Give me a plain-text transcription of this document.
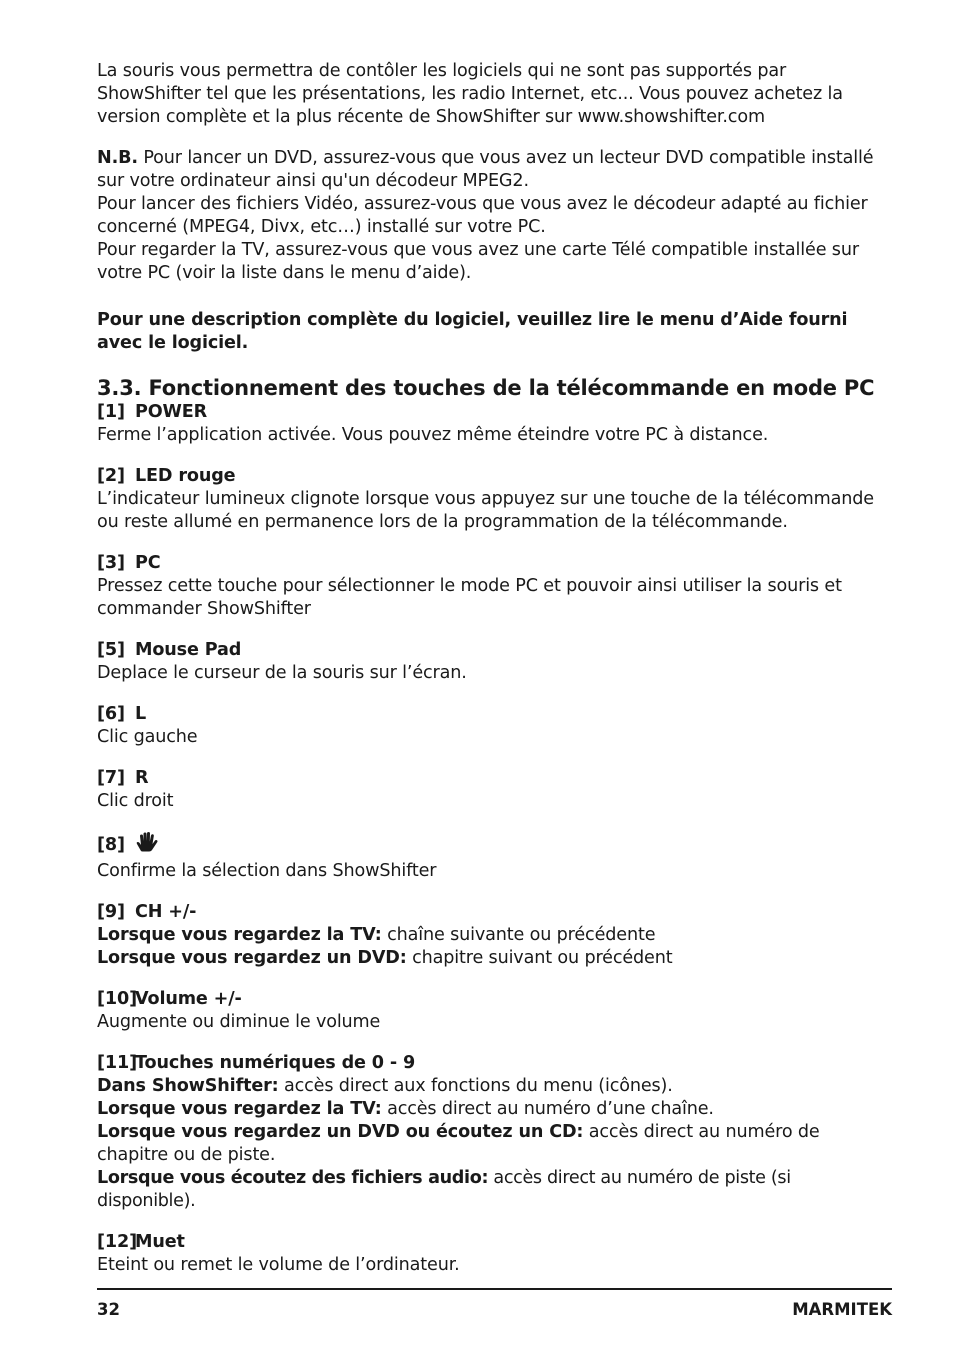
La souris vous permettra de contôler les logiciels qui ne sont pas supportés par ShowShifter tel que les présentations, les radio Internet, etc... Vous pouvez achetez la version complète et la plus récente de ShowShifter sur www.showshifter.com

N.B. Pour lancer un DVD, assurez-vous que vous avez un lecteur DVD compatible installé sur votre ordinateur ainsi qu'un décodeur MPEG2.

Pour lancer des fichiers Vidéo, assurez-vous que vous avez le décodeur adapté au fichier concerné (MPEG4, Divx, etc…) installé sur votre PC.

Pour regarder la TV, assurez-vous que vous avez une carte Télé compatible installée sur votre PC (voir la liste dans le menu d’aide).

Pour une description complète du logiciel, veuillez lire le menu d’Aide fourni avec le logiciel.

3.3. Fonctionnement des touches de la télécommande en mode PC

[1] POWER

Ferme l’application activée. Vous pouvez même éteindre votre PC à distance.

[2] LED rouge

L’indicateur lumineux clignote lorsque vous appuyez sur une touche de la télécommande ou reste allumé en permanence lors de la programmation de la télécommande.

[3] PC

Pressez cette touche pour sélectionner le mode PC et pouvoir ainsi utiliser la souris et commander ShowShifter

[5] Mouse Pad

Deplace le curseur de la souris sur l’écran.

[6] L

Clic gauche

[7] R

Clic droit

[8]

Confirme la sélection dans ShowShifter

[9] CH +/-

Lorsque vous regardez la TV: chaîne suivante ou précédente

Lorsque vous regardez un DVD: chapitre suivant ou précédent

[10]Volume +/-

Augmente ou diminue le volume

[11]Touches numériques de 0 - 9

Dans ShowShifter: accès direct aux fonctions du menu (icônes).

Lorsque vous regardez la TV: accès direct au numéro d’une chaîne.

Lorsque vous regardez un DVD ou écoutez un CD: accès direct au numéro de chapitre ou de piste.

Lorsque vous écoutez des fichiers audio: accès direct au numéro de piste (si disponible).

[12]Muet

Eteint ou remet le volume de l’ordinateur.

32	MARMITEK
